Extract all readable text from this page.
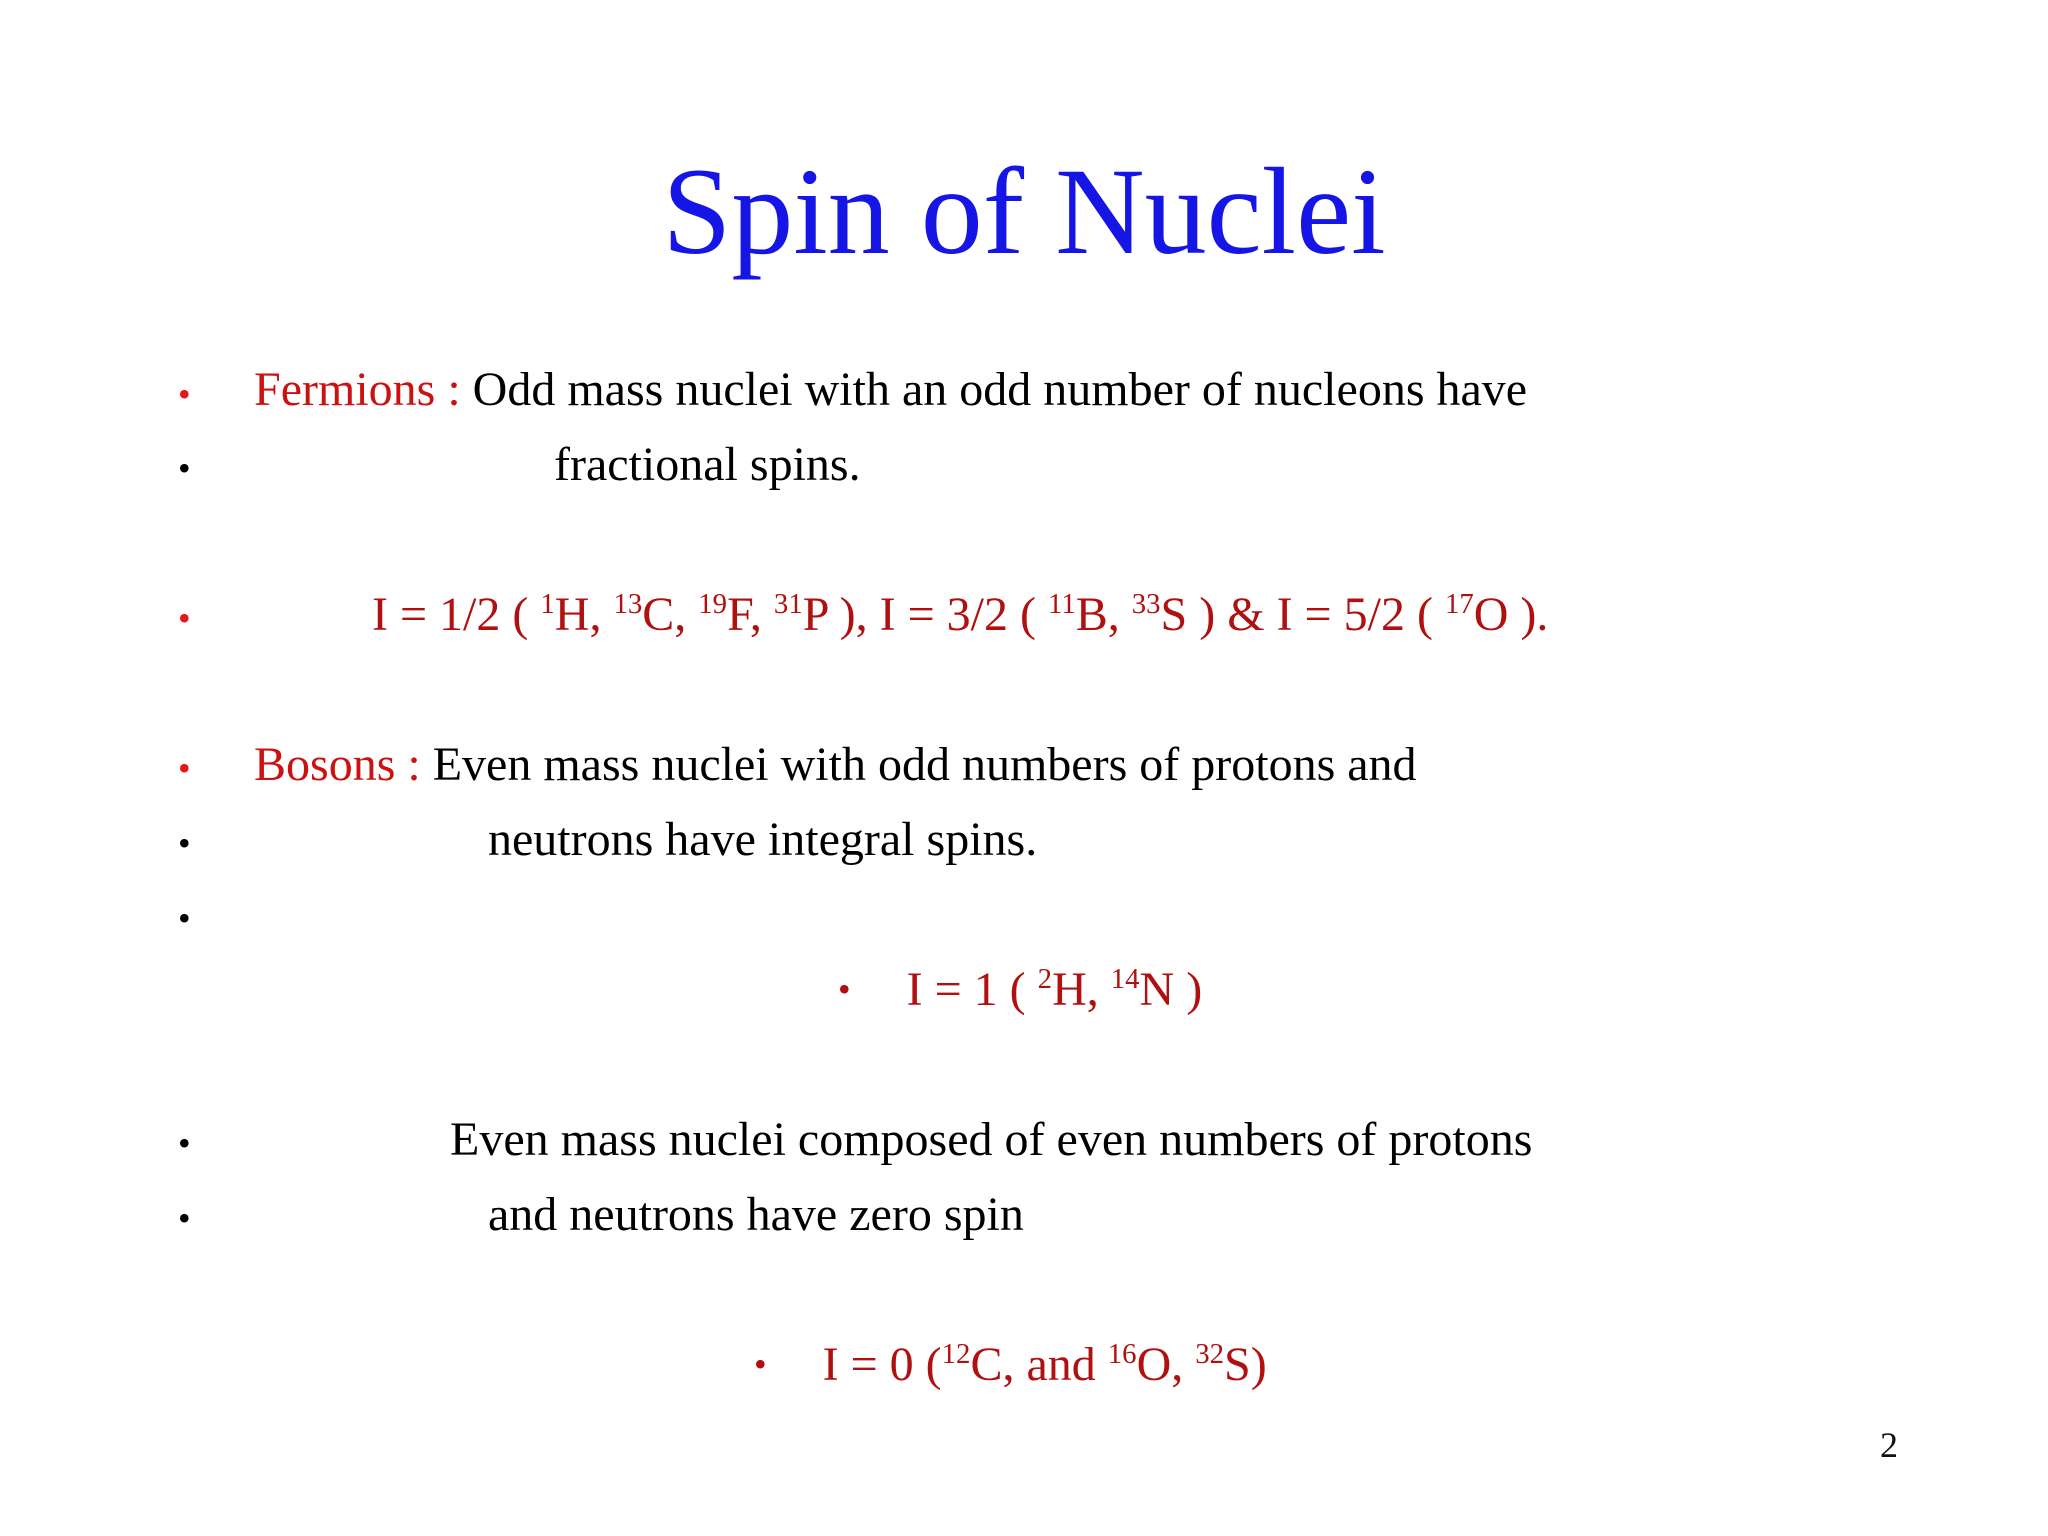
Spin of Nuclei
•
•
•
•
•
•
•
•
Fermions : Odd mass nuclei with an odd number of nucleons have
fractional spins.
I = 1/2 ( $^1$H, $^{13}$C, $^{19}$F, $^{31}$P ), I = 3/2 ( $^{11}$B, $^{33}$S ) & I = 5/2 ( $^{17}$O ).
Bosons : Even mass nuclei with odd numbers of protons and
neutrons have integral spins.
• I = 1 ( $^2$H, $^{14}$N )
Even mass nuclei composed of even numbers of protons
and neutrons have zero spin
• I = 0 ($^{12}$C, and $^{16}$O, $^{32}$S)
2
